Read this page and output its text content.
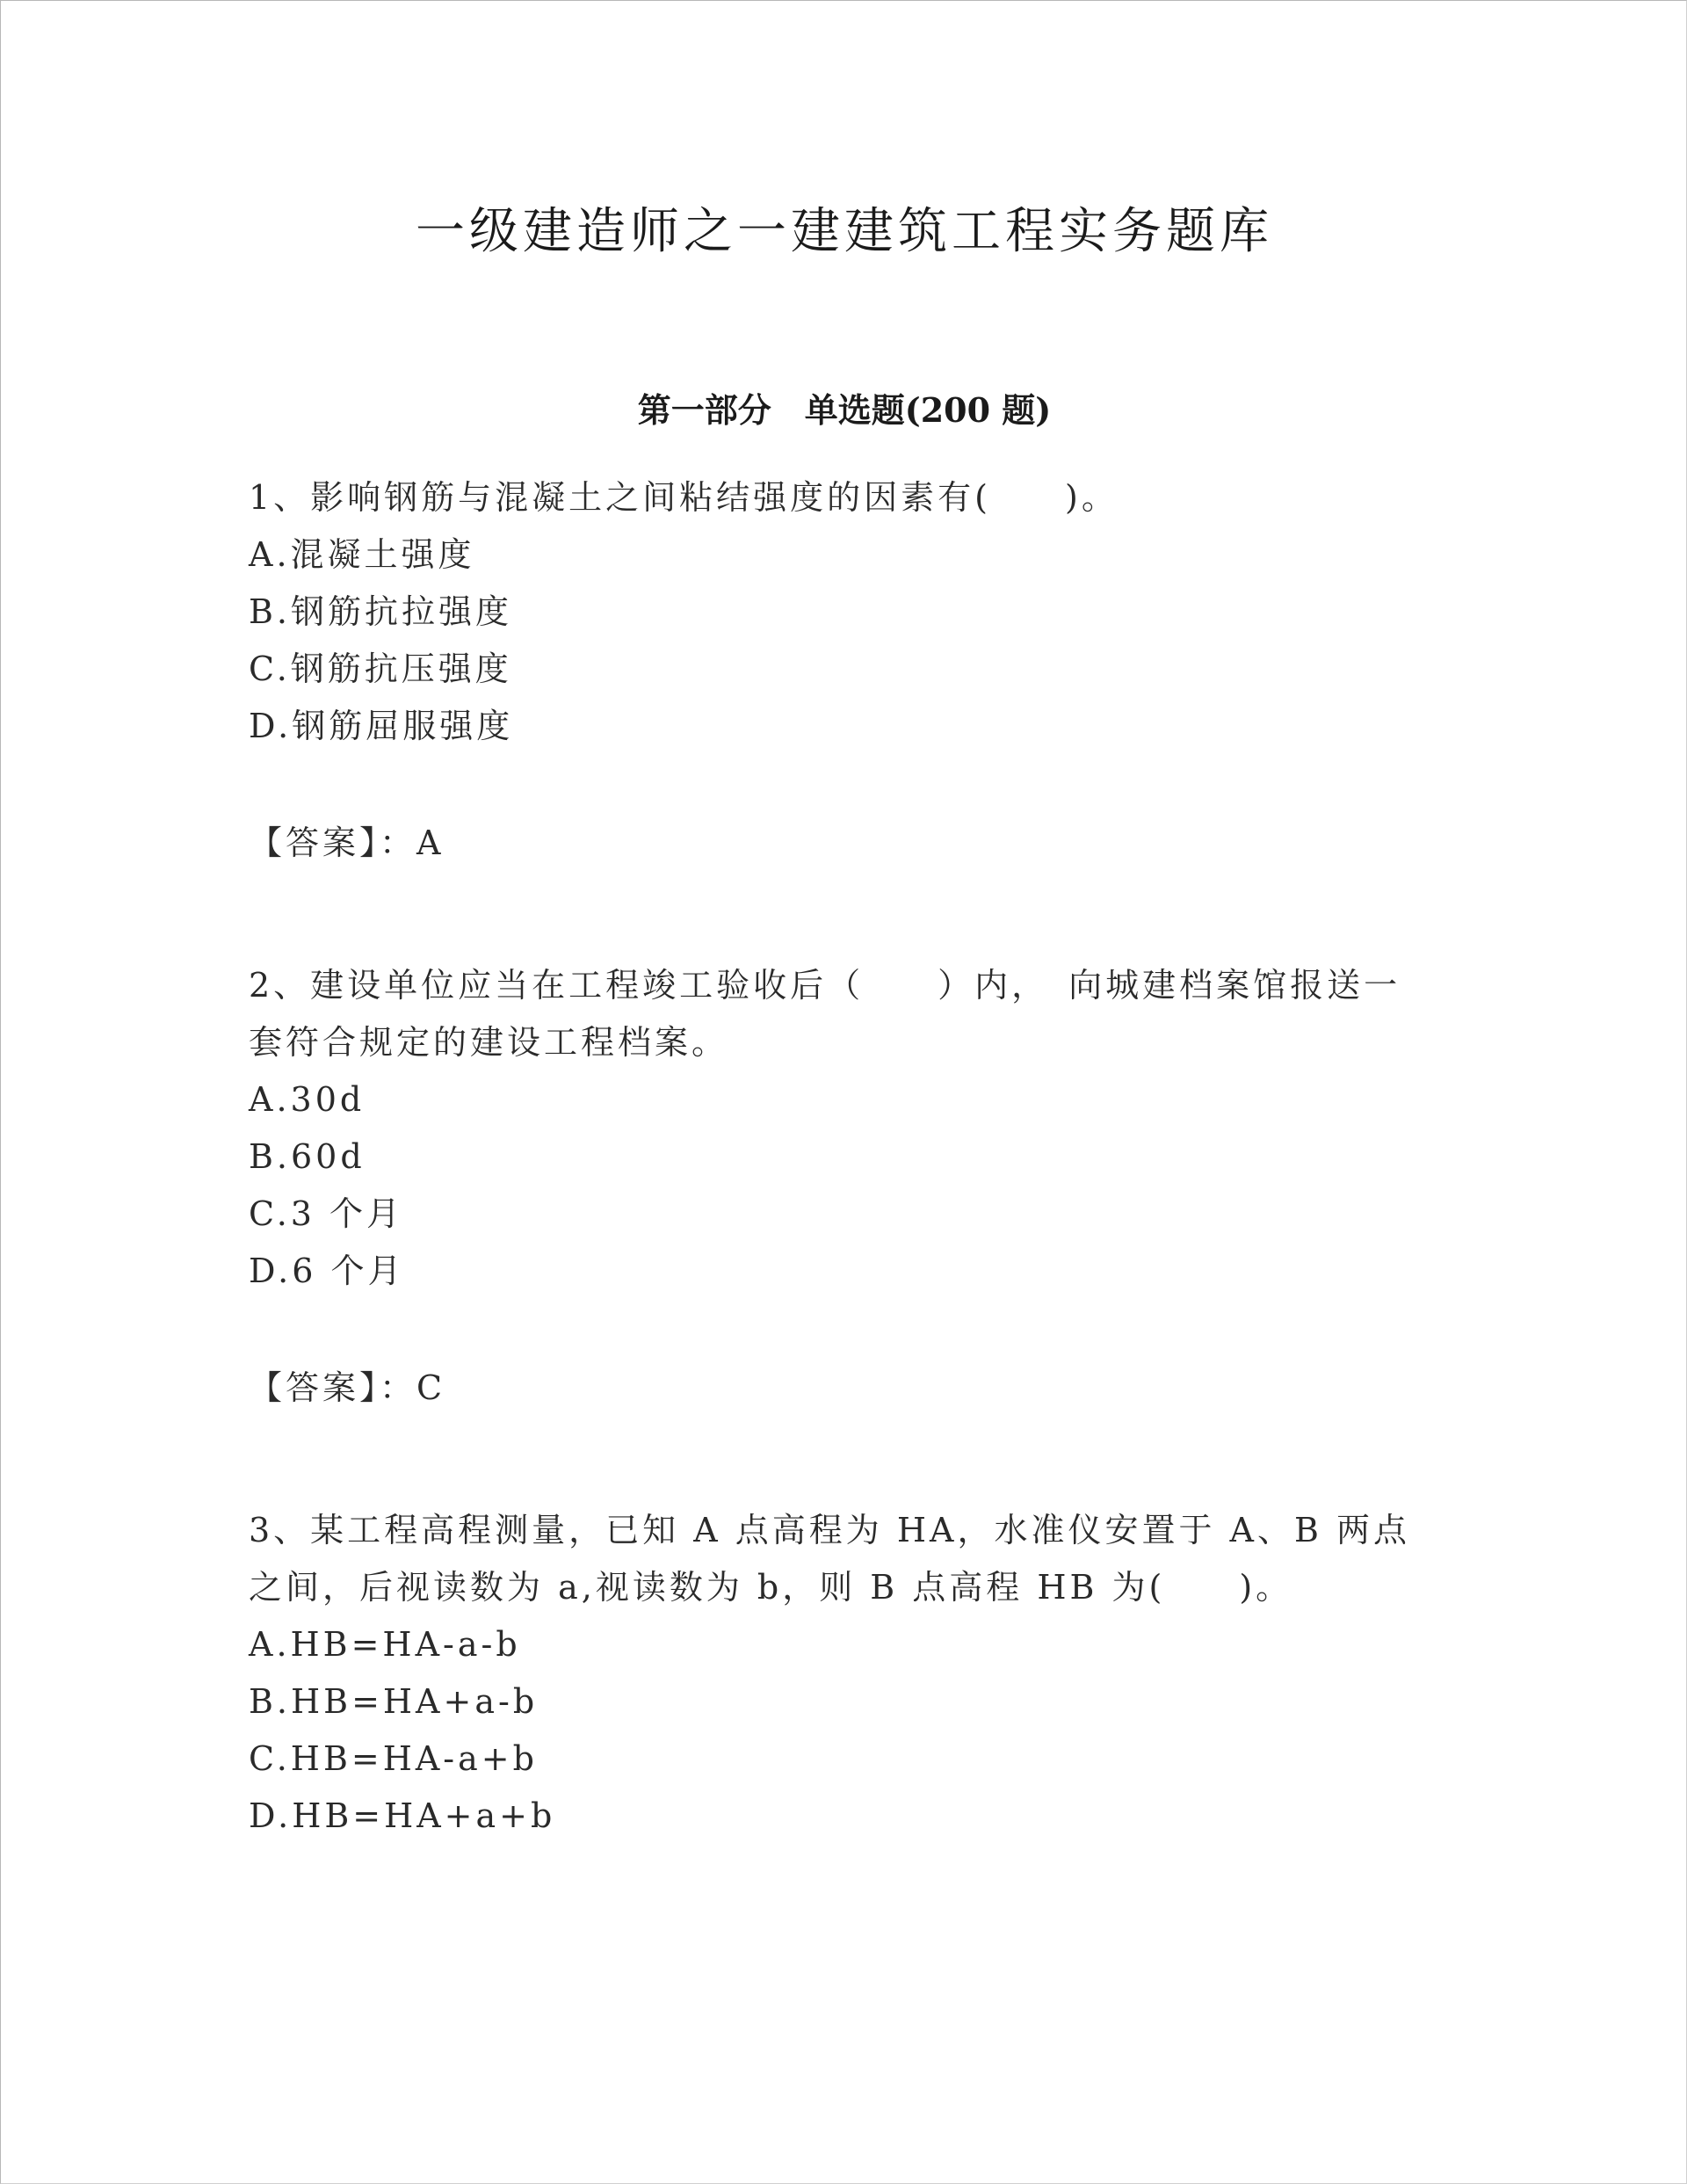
一级建造师之一建建筑工程实务题库
第一部分　单选题(200 题)

1、影响钢筋与混凝土之间粘结强度的因素有(　　)。

A.混凝土强度

B.钢筋抗拉强度

C.钢筋抗压强度

D.钢筋屈服强度

【答案】：A

2、建设单位应当在工程竣工验收后（　　）内，　向城建档案馆报送一套符合规定的建设工程档案。

A.30d

B.60d

C.3 个月

D.6 个月

【答案】：C

3、某工程高程测量，已知 A 点高程为 HA，水准仪安置于 A、B 两点之间，后视读数为 a,视读数为 b，则 B 点高程 HB 为(　　)。

A.HB=HA-a-b

B.HB=HA+a-b

C.HB=HA-a+b

D.HB=HA+a+b
